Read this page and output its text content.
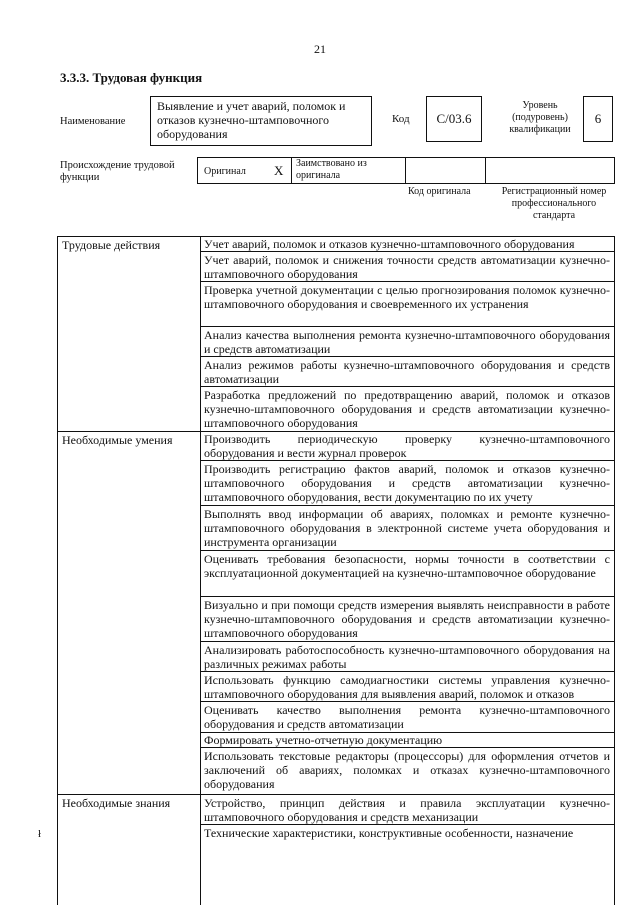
21
3.3.3. Трудовая функция
Наименование
Выявление и учет аварий, поломок и отказов кузнечно-штамповочного оборудования
Код С/03.6
Уровень (подуровень) квалификации
6
Происхождение трудовой функции
Оригинал X Заимствовано из оригинала
Код оригинала	Регистрационный номер профессионального стандарта
Трудовые действия
Необходимые умения
Необходимые знания
Учет аварий, поломок и отказов кузнечно-штамповочного оборудования
Учет аварий, поломок и снижения точности средств автоматизации кузнечно-штамповочного оборудования
Проверка учетной документации с целью прогнозирования поломок кузнечно-штамповочного оборудования и своевременного их устранения
Анализ качества выполнения ремонта кузнечно-штамповочного оборудования и средств автоматизации
Анализ режимов работы кузнечно-штамповочного оборудования и средств автоматизации
Разработка предложений по предотвращению аварий, поломок и отказов кузнечно-штамповочного оборудования и средств автоматизации кузнечно-штамповочного оборудования
Производить периодическую проверку кузнечно-штамповочного оборудования и вести журнал проверок
Производить регистрацию фактов аварий, поломок и отказов кузнечно-штамповочного оборудования и средств автоматизации кузнечно-штамповочного оборудования, вести документацию по их учету
Выполнять ввод информации об авариях, поломках и ремонте кузнечно-штамповочного оборудования в электронной системе учета оборудования и инструмента организации
Оценивать требования безопасности, нормы точности в соответствии с эксплуатационной документацией на кузнечно-штамповочное оборудование
Визуально и при помощи средств измерения выявлять неисправности в работе кузнечно-штамповочного оборудования и средств автоматизации кузнечно-штамповочного оборудования
Анализировать работоспособность кузнечно-штамповочного оборудования на различных режимах работы
Использовать функцию самодиагностики системы управления кузнечно-штамповочного оборудования для выявления аварий, поломок и отказов
Оценивать качество выполнения ремонта кузнечно-штамповочного оборудования и средств автоматизации
Формировать учетно-отчетную документацию
Использовать текстовые редакторы (процессоры) для оформления отчетов и заключений об авариях, поломках и отказах кузнечно-штамповочного оборудования
Устройство, принцип действия и правила эксплуатации кузнечно-штамповочного оборудования и средств механизации
Технические характеристики, конструктивные особенности, назначение
ł
